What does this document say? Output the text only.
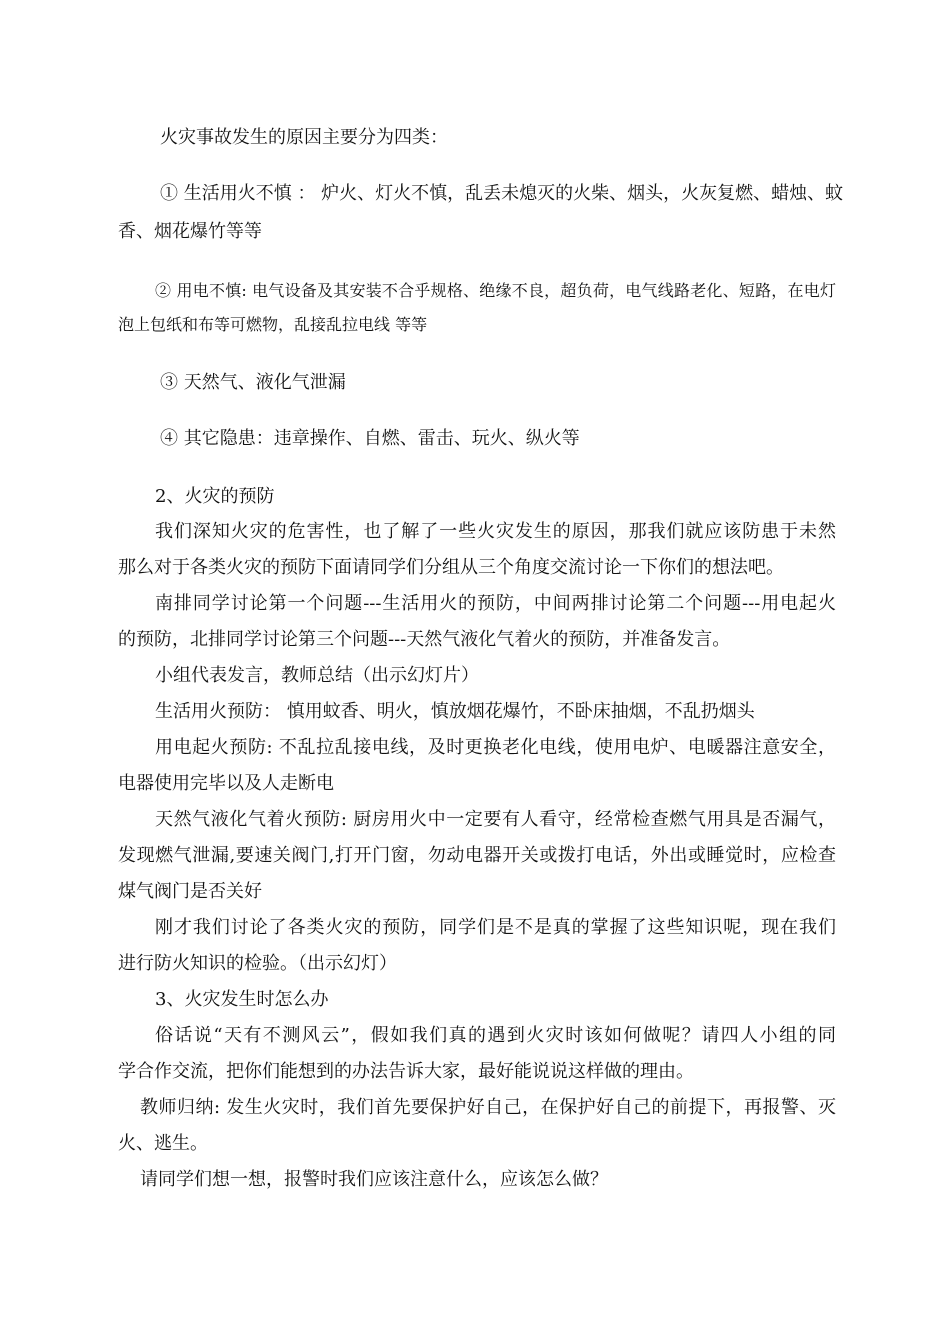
火灾事故发生的原因主要分为四类：
① 生活用火不慎 ： 炉火、灯火不慎，乱丢未熄灭的火柴、烟头，火灰复燃、蜡烛、蚊
香、烟花爆竹等等
② 用电不慎: 电气设备及其安装不合乎规格、绝缘不良，超负荷，电气线路老化、短路，在电灯
泡上包纸和布等可燃物，乱接乱拉电线 等等
③ 天然气、液化气泄漏
④ 其它隐患：违章操作、自燃、雷击、玩火、纵火等
2、火灾的预防
我们深知火灾的危害性，也了解了一些火灾发生的原因，那我们就应该防患于未然
那么对于各类火灾的预防下面请同学们分组从三个角度交流讨论一下你们的想法吧。
南排同学讨论第一个问题---生活用火的预防，中间两排讨论第二个问题---用电起火
的预防，北排同学讨论第三个问题---天然气液化气着火的预防，并准备发言。
小组代表发言，教师总结（出示幻灯片）
生活用火预防： 慎用蚊香、明火，慎放烟花爆竹，不卧床抽烟，不乱扔烟头
用电起火预防: 不乱拉乱接电线，及时更换老化电线，使用电炉、电暖器注意安全，
电器使用完毕以及人走断电
天然气液化气着火预防: 厨房用火中一定要有人看守，经常检查燃气用具是否漏气，
发现燃气泄漏,要速关阀门,打开门窗，勿动电器开关或拨打电话，外出或睡觉时，应检查
煤气阀门是否关好
刚才我们讨论了各类火灾的预防，同学们是不是真的掌握了这些知识呢，现在我们
进行防火知识的检验。（出示幻灯）
3、火灾发生时怎么办
俗话说“天有不测风云”，假如我们真的遇到火灾时该如何做呢？请四人小组的同
学合作交流，把你们能想到的办法告诉大家，最好能说说这样做的理由。
教师归纳: 发生火灾时，我们首先要保护好自己，在保护好自己的前提下，再报警、灭
火、逃生。
请同学们想一想，报警时我们应该注意什么，应该怎么做？
